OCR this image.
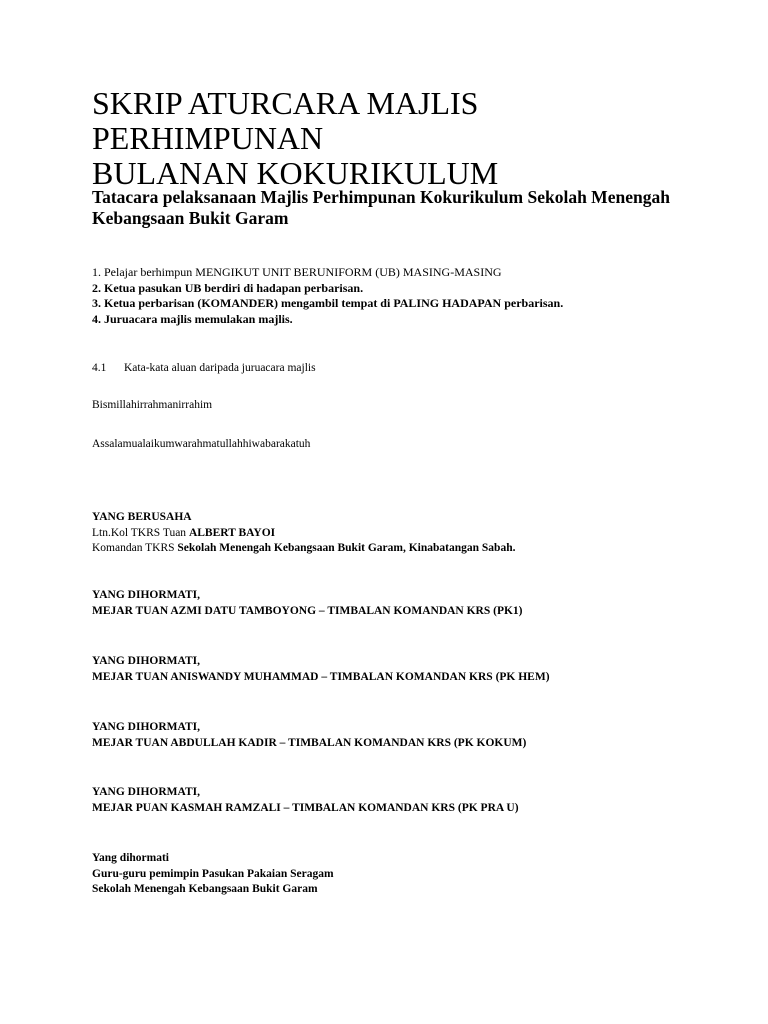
SKRIP ATURCARA MAJLIS
PERHIMPUNAN
BULANAN KOKURIKULUM

Tatacara pelaksanaan Majlis Perhimpunan Kokurikulum Sekolah Menengah Kebangsaan Bukit Garam

1. Pelajar berhimpun MENGIKUT UNIT BERUNIFORM (UB) MASING-MASING
2. Ketua pasukan UB berdiri di hadapan perbarisan.
3. Ketua perbarisan (KOMANDER) mengambil tempat di PALING HADAPAN perbarisan.
4. Juruacara majlis memulakan majlis.
4.1 Kata-kata aluan daripada juruacara majlis
Bismillahirrahmanirrahim
Assalamualaikumwarahmatullahhiwabarakatuh
YANG BERUSAHA
Ltn.Kol TKRS Tuan ALBERT BAYOI
Komandan TKRS Sekolah Menengah Kebangsaan Bukit Garam, Kinabatangan Sabah.
YANG DIHORMATI,
MEJAR TUAN AZMI DATU TAMBOYONG – TIMBALAN KOMANDAN KRS (PK1)
YANG DIHORMATI,
MEJAR TUAN ANISWANDY MUHAMMAD – TIMBALAN KOMANDAN KRS (PK HEM)
YANG DIHORMATI,
MEJAR TUAN ABDULLAH KADIR – TIMBALAN KOMANDAN KRS (PK KOKUM)
YANG DIHORMATI,
MEJAR PUAN KASMAH RAMZALI – TIMBALAN KOMANDAN KRS (PK PRA U)
Yang dihormati
Guru-guru pemimpin Pasukan Pakaian Seragam
Sekolah Menengah Kebangsaan Bukit Garam
